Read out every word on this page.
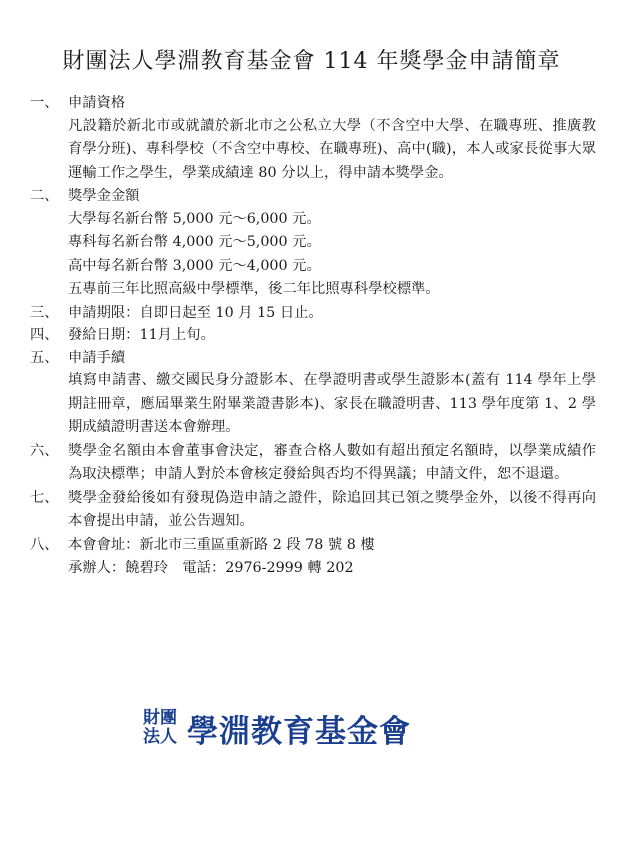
財團法人學淵教育基金會 114 年獎學金申請簡章
一、 申請資格
凡設籍於新北市或就讀於新北市之公私立大學（不含空中大學、在職專班、推廣教育學分班)、專科學校（不含空中專校、在職專班)、高中(職)，本人或家長從事大眾運輸工作之學生，學業成績達 80 分以上，得申請本獎學金。
二、 獎學金金額
大學每名新台幣 5,000 元～6,000 元。
專科每名新台幣 4,000 元～5,000 元。
高中每名新台幣 3,000 元～4,000 元。
五專前三年比照高級中學標準，後二年比照專科學校標準。
三、 申請期限：自即日起至 10 月 15 日止。
四、 發給日期：11月上旬。
五、 申請手續
填寫申請書、繳交國民身分證影本、在學證明書或學生證影本(蓋有 114 學年上學期註冊章，應屆畢業生附畢業證書影本)、家長在職證明書、113 學年度第 1、2 學期成績證明書送本會辦理。
六、 獎學金名額由本會董事會決定，審查合格人數如有超出預定名額時，以學業成績作為取決標準；申請人對於本會核定發給與否均不得異議；申請文件，恕不退還。
七、 獎學金發給後如有發現偽造申請之證件，除追回其已領之獎學金外，以後不得再向本會提出申請，並公告週知。
八、 本會會址：新北市三重區重新路 2 段 78 號 8 樓
承辦人：饒碧玲　電話：2976-2999 轉 202
財團
法人 學淵教育基金會
